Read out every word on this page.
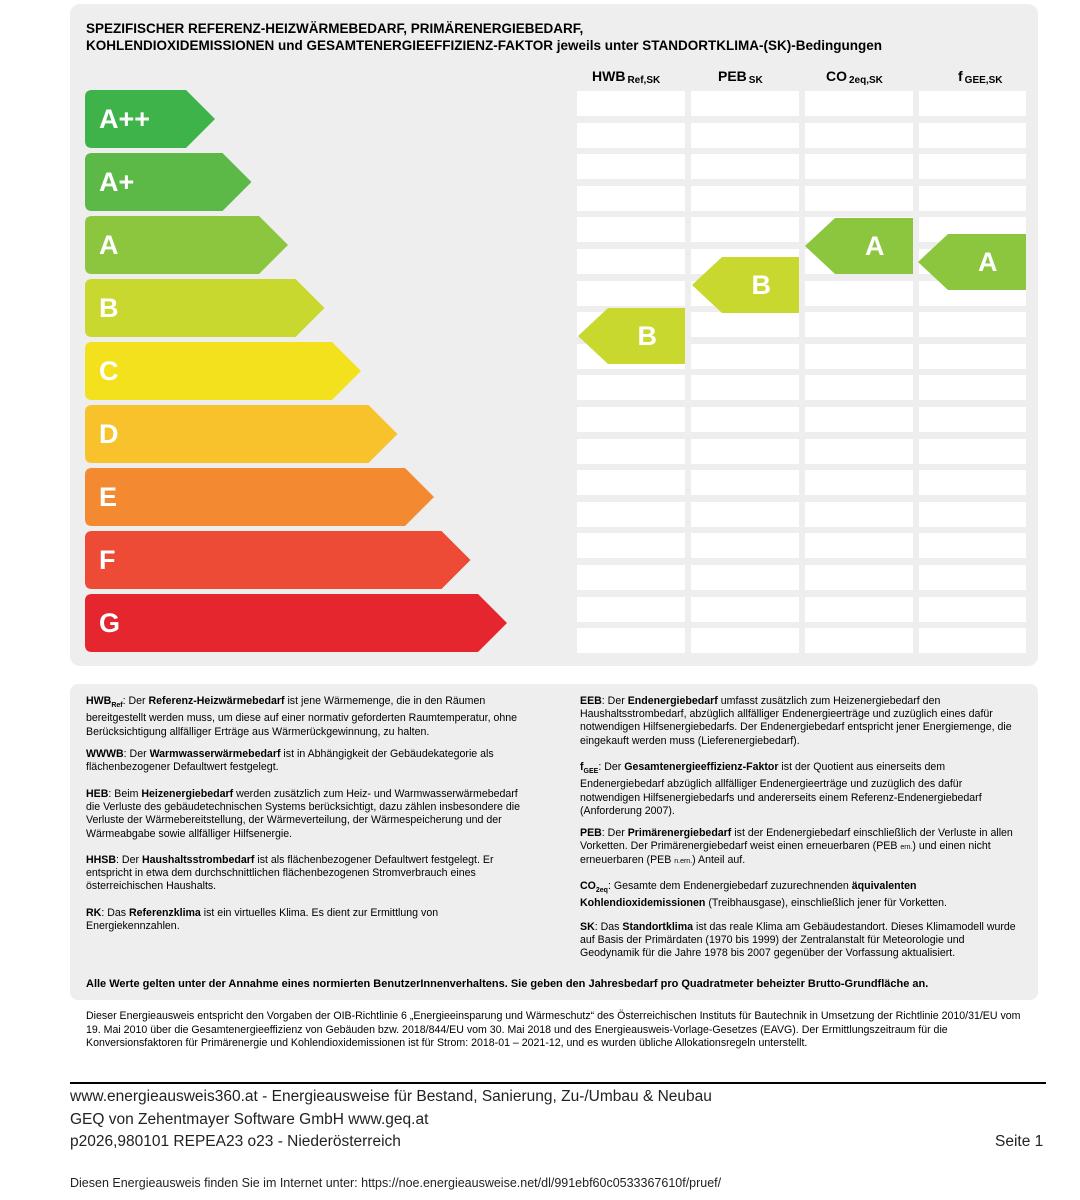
SPEZIFISCHER REFERENZ-HEIZWÄRMEBEDARF, PRIMÄRENERGIEBEDARF,
KOHLENDIOXIDEMISSIONEN und GESAMTENERGIEEFFIZIENZ-FAKTOR jeweils unter STANDORTKLIMA-(SK)-Bedingungen
HWB $_{Ref,SK}$	PEB $_{SK}$	CO $_{2eq,SK}$	f $_{GEE,SK}$
A++
A+
A
B
C
D
E
F
G
B
B
A
A
$HWB_{Ref}$: Der Referenz-Heizwärmebedarf ist jene Wärmemenge, die in den Räumen bereitgestellt werden muss, um diese auf einer normativ geforderten Raumtemperatur, ohne Berücksichtigung allfälliger Erträge aus Wärmerückgewinnung, zu halten.
WWWB: Der Warmwasserwärmebedarf ist in Abhängigkeit der Gebäudekategorie als flächenbezogener Defaultwert festgelegt.
HEB: Beim Heizenergiebedarf werden zusätzlich zum Heiz- und Warmwasserwärmebedarf die Verluste des gebäudetechnischen Systems berücksichtigt, dazu zählen insbesondere die Verluste der Wärmebereitstellung, der Wärmeverteilung, der Wärmespeicherung und der Wärmeabgabe sowie allfälliger Hilfsenergie.
HHSB: Der Haushaltsstrombedarf ist als flächenbezogener Defaultwert festgelegt. Er entspricht in etwa dem durchschnittlichen flächenbezogenen Stromverbrauch eines österreichischen Haushalts.
RK: Das Referenzklima ist ein virtuelles Klima. Es dient zur Ermittlung von Energiekennzahlen.
EEB: Der Endenergiebedarf umfasst zusätzlich zum Heizenergiebedarf den Haushaltsstrombedarf, abzüglich allfälliger Endenergieerträge und zuzüglich eines dafür notwendigen Hilfsenergiebedarfs. Der Endenergiebedarf entspricht jener Energiemenge, die eingekauft werden muss (Lieferenergiebedarf).
$f_{GEE}$: Der Gesamtenergieeffizienz-Faktor ist der Quotient aus einerseits dem Endenergiebedarf abzüglich allfälliger Endenergieerträge und zuzüglich des dafür notwendigen Hilfsenergiebedarfs und andererseits einem Referenz-Endenergiebedarf (Anforderung 2007).
PEB: Der Primärenergiebedarf ist der Endenergiebedarf einschließlich der Verluste in allen Vorketten. Der Primärenergiebedarf weist einen erneuerbaren (PEB ern.) und einen nicht erneuerbaren (PEB n.ern.) Anteil auf.
$CO_{2eq}$: Gesamte dem Endenergiebedarf zuzurechnenden äquivalenten Kohlendioxidemissionen (Treibhausgase), einschließlich jener für Vorketten.
SK: Das Standortklima ist das reale Klima am Gebäudestandort. Dieses Klimamodell wurde auf Basis der Primärdaten (1970 bis 1999) der Zentralanstalt für Meteorologie und Geodynamik für die Jahre 1978 bis 2007 gegenüber der Vorfassung aktualisiert.
Alle Werte gelten unter der Annahme eines normierten BenutzerInnenverhaltens. Sie geben den Jahresbedarf pro Quadratmeter beheizter Brutto-Grundfläche an.
Dieser Energieausweis entspricht den Vorgaben der OIB-Richtlinie 6 „Energieeinsparung und Wärmeschutz“ des Österreichischen Instituts für Bautechnik in Umsetzung der Richtlinie 2010/31/EU vom 19. Mai 2010 über die Gesamtenergieeffizienz von Gebäuden bzw. 2018/844/EU vom 30. Mai 2018 und des Energieausweis-Vorlage-Gesetzes (EAVG). Der Ermittlungszeitraum für die Konversionsfaktoren für Primärenergie und Kohlendioxidemissionen ist für Strom: 2018-01 – 2021-12, und es wurden übliche Allokationsregeln unterstellt.
www.energieausweis360.at - Energieausweise für Bestand, Sanierung, Zu-/Umbau & Neubau
GEQ von Zehentmayer Software GmbH www.geq.at
p2026,980101 REPEA23 o23 - Niederösterreich	Seite 1
Diesen Energieausweis finden Sie im Internet unter: https://noe.energieausweise.net/dl/991ebf60c0533367610f/pruef/
